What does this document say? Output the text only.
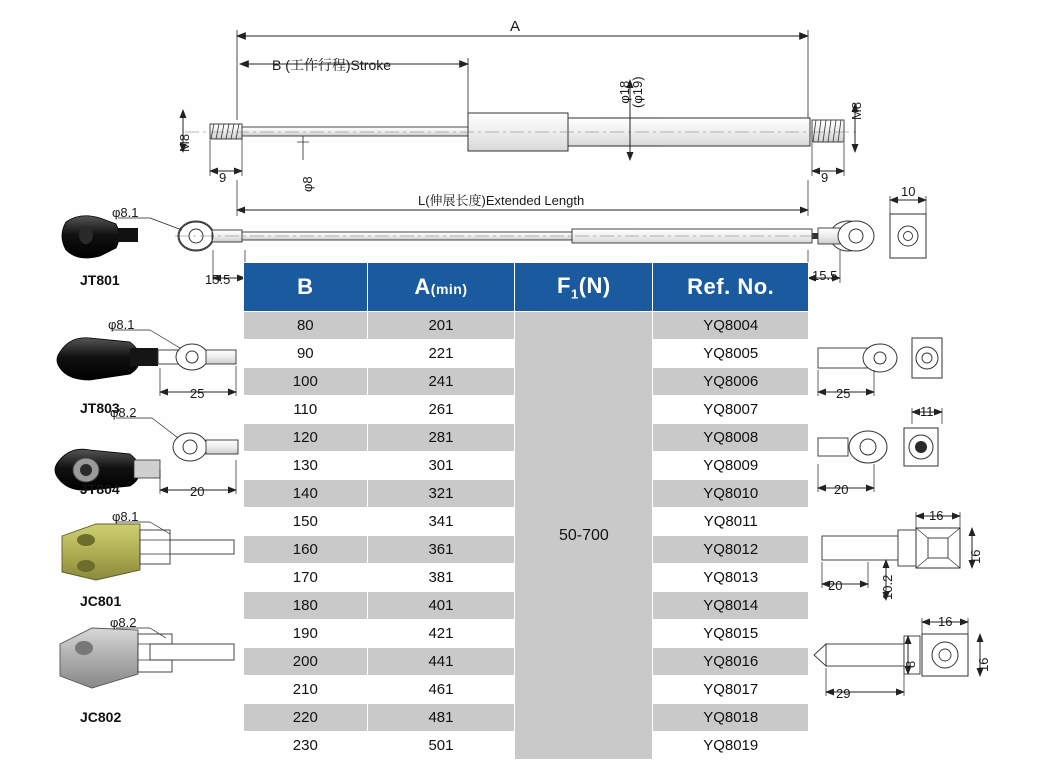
A
B (工作行程)Stroke
L(伸展长度)Extended Length
M8
M8
φ18
(φ19)
φ8
9	9
10
15.5	15.5
25	25
20
11
20
16
16
20	10.2
16
16
8
29
φ8.1
φ8.1
φ8.2
φ8.1
φ8.2
JT801
JT803
JT804
JC801
JC802
B	A(min)	$F_1(N)$	Ref. No.
80	201	50-700	YQ8004
90	221		YQ8005
100	241		YQ8006
110	261		YQ8007
120	281		YQ8008
130	301		YQ8009
140	321		YQ8010
150	341		YQ8011
160	361		YQ8012
170	381		YQ8013
180	401		YQ8014
190	421		YQ8015
200	441		YQ8016
210	461		YQ8017
220	481		YQ8018
230	501		YQ8019
